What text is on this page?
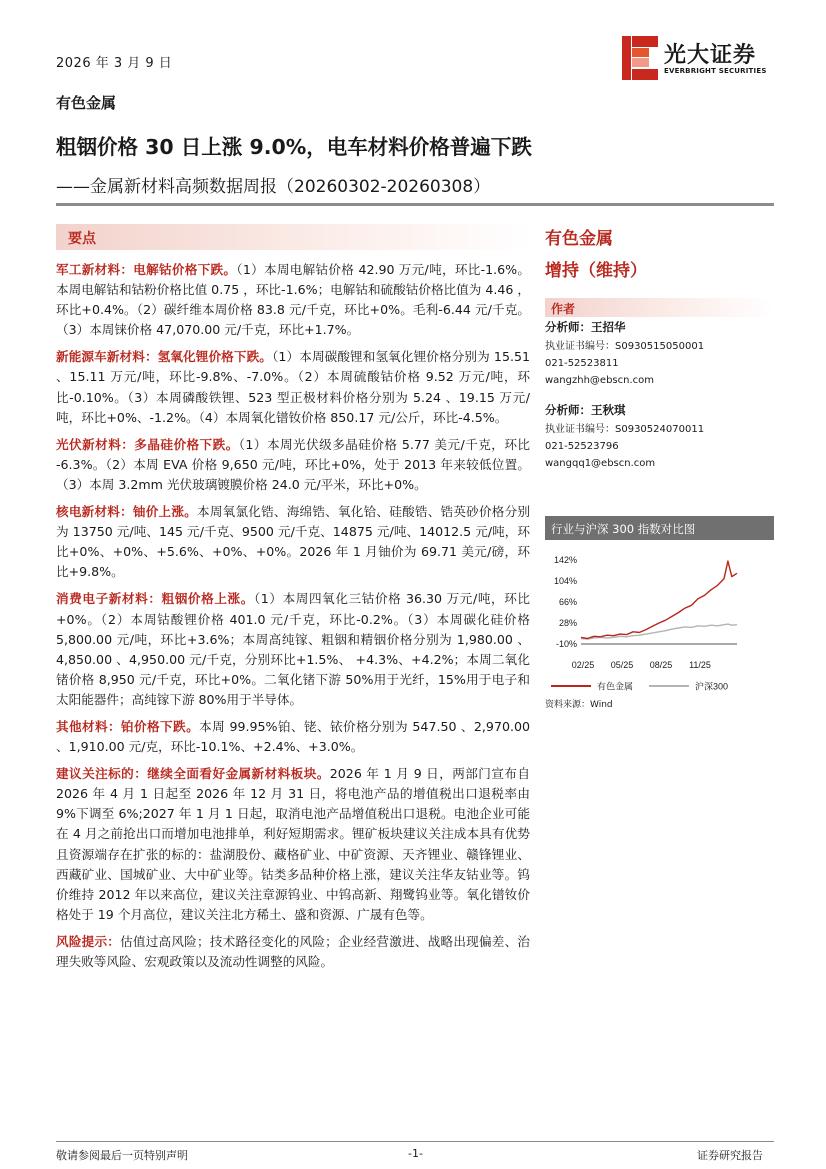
2026 年 3 月 9 日	光大证券
EVERBRIGHT SECURITIES
有色金属
粗铟价格 30 日上涨 9.0%，电车材料价格普遍下跌
——金属新材料高频数据周报（20260302-20260308）
要点

军工新材料：电解钴价格下跌。（1）本周电解钴价格 42.90 万元/吨，环比-1.6%。本周电解钴和钴粉价格比值 0.75 ，环比-1.6%；电解钴和硫酸钴价格比值为 4.46 ，环比+0.4%。（2）碳纤维本周价格 83.8 元/千克，环比+0%。毛利-6.44 元/千克。（3）本周铼价格 47,070.00 元/千克，环比+1.7%。

新能源车新材料：氢氧化锂价格下跌。（1）本周碳酸锂和氢氧化锂价格分别为 15.51 、15.11 万元/吨，环比-9.8%、-7.0%。（2）本周硫酸钴价格 9.52 万元/吨，环比-0.10%。（3）本周磷酸铁锂、523 型正极材料价格分别为 5.24 、19.15 万元/吨，环比+0%、-1.2%。（4）本周氧化镨钕价格 850.17 元/公斤，环比-4.5%。

光伏新材料：多晶硅价格下跌。（1）本周光伏级多晶硅价格 5.77 美元/千克，环比 -6.3%。（2）本周 EVA 价格 9,650 元/吨，环比+0%，处于 2013 年来较低位置。（3）本周 3.2mm 光伏玻璃镀膜价格 24.0 元/平米，环比+0%。

核电新材料：铀价上涨。本周氧氯化锆、海绵锆、氧化铪、硅酸锆、锆英砂价格分别为 13750 元/吨、145 元/千克、9500 元/千克、14875 元/吨、14012.5 元/吨，环比+0%、+0%、+5.6%、+0%、+0%。2026 年 1 月铀价为 69.71 美元/磅，环比+9.8%。

消费电子新材料：粗铟价格上涨。（1）本周四氧化三钴价格 36.30 万元/吨，环比+0%。（2）本周钴酸锂价格 401.0 元/千克，环比-0.2%。（3）本周碳化硅价格 5,800.00 元/吨，环比+3.6%；本周高纯镓、粗铟和精铟价格分别为 1,980.00 、4,850.00 、4,950.00 元/千克，分别环比+1.5%、 +4.3%、+4.2%；本周二氧化锗价格 8,950 元/千克，环比+0%。二氧化锗下游 50%用于光纤，15%用于电子和太阳能器件；高纯镓下游 80%用于半导体。

其他材料：铂价格下跌。本周 99.95%铂、铑、铱价格分别为 547.50 、2,970.00 、1,910.00 元/克，环比-10.1%、+2.4%、+3.0%。

建议关注标的：继续全面看好金属新材料板块。2026 年 1 月 9 日，两部门宣布自 2026 年 4 月 1 日起至 2026 年 12 月 31 日，将电池产品的增值税出口退税率由 9%下调至 6%;2027 年 1 月 1 日起，取消电池产品增值税出口退税。电池企业可能在 4 月之前抢出口而增加电池排单，利好短期需求。锂矿板块建议关注成本具有优势且资源端存在扩张的标的：盐湖股份、藏格矿业、中矿资源、天齐锂业、赣锋锂业、西藏矿业、国城矿业、大中矿业等。钴类多品种价格上涨，建议关注华友钴业等。钨价维持 2012 年以来高位，建议关注章源钨业、中钨高新、翔鹭钨业等。氧化镨钕价格处于 19 个月高位，建议关注北方稀土、盛和资源、广晟有色等。

风险提示：估值过高风险；技术路径变化的风险；企业经营激进、战略出现偏差、治理失败等风险、宏观政策以及流动性调整的风险。

有色金属
增持（维持）
作者
分析师：王招华
执业证书编号：S0930515050001
021-52523811
wangzhh@ebscn.com
分析师：王秋琪
执业证书编号：S0930524070011
021-52523796
wangqq1@ebscn.com
行业与沪深 300 指数对比图
142%
104%
66%
28%
-10%
02/25 05/25 08/25 11/25
有色金属	沪深300
资料来源：Wind
敬请参阅最后一页特别声明	-1-	证券研究报告
